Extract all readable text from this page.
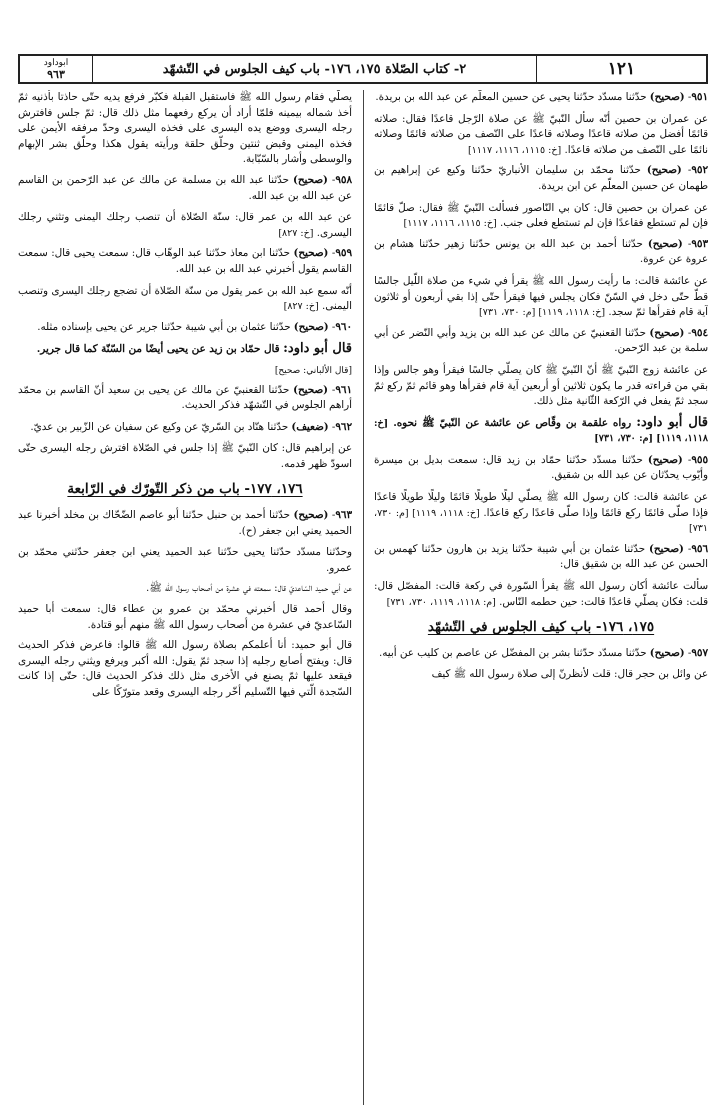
١٢١
٢- كتاب الصّلاة ١٧٥، ١٧٦- باب كيف الجلوس في التّشهّد
ابوداود
٩٦٣

٩٥١- (صحيح) حدّثنا مسدّد حدّثنا يحيى عن حسين المعلّم عن عبد الله بن بريدة.

عن عمران بن حصين أنّه سأل النّبيّ ﷺ عن صلاة الرّجل قاعدًا فقال: صلاته قائمًا أفضل من صلاته قاعدًا وصلاته قاعدًا على النّصف من صلاته قائمًا وصلاته نائمًا على النّصف من صلاته قاعدًا. [خ: ١١١٥، ١١١٦، ١١١٧]

٩٥٢- (صحيح) حدّثنا محمّد بن سليمان الأنباريّ حدّثنا وكيع عن إبراهيم بن طهمان عن حسين المعلّم عن ابن بريدة.

عن عمران بن حصين قال: كان بي النّاصور فسألت النّبيّ ﷺ فقال: صلّ قائمًا فإن لم تستطع فقاعدًا فإن لم تستطع فعلى جنب. [خ: ١١١٥، ١١١٦، ١١١٧]

٩٥٣- (صحيح) حدّثنا أحمد بن عبد الله بن يونس حدّثنا زهير حدّثنا هشام بن عروة عن عروة.

عن عائشة قالت: ما رأيت رسول الله ﷺ يقرأ في شيء من صلاة اللّيل جالسًا قطّ حتّى دخل في السّنّ فكان يجلس فيها فيقرأ حتّى إذا بقي أربعون أو ثلاثون آية قام فقرأها ثمّ سجد. [خ: ١١١٨، ١١١٩] [م: ٧٣٠، ٧٣١]

٩٥٤- (صحيح) حدّثنا القعنبيّ عن مالك عن عبد الله بن يزيد وأبي النّضر عن أبي سلمة بن عبد الرّحمن.

عن عائشة زوج النّبيّ ﷺ أنّ النّبيّ ﷺ كان يصلّي جالسًا فيقرأ وهو جالس وإذا بقي من قراءته قدر ما يكون ثلاثين أو أربعين آية قام فقرأها وهو قائم ثمّ ركع ثمّ سجد ثمّ يفعل في الرّكعة الثّانية مثل ذلك.

قال أبو داود: رواه علقمة بن وقّاص عن عائشة عن النّبيّ ﷺ نحوه. [خ: ١١١٨، ١١١٩] [م: ٧٣٠، ٧٣١]

٩٥٥- (صحيح) حدّثنا مسدّد حدّثنا حمّاد بن زيد قال: سمعت بديل بن ميسرة وأيّوب يحدّثان عن عبد الله بن شقيق.

عن عائشة قالت: كان رسول الله ﷺ يصلّي ليلًا طويلًا قائمًا وليلًا طويلًا قاعدًا فإذا صلّى قائمًا ركع قائمًا وإذا صلّى قاعدًا ركع قاعدًا. [خ: ١١١٨، ١١١٩] [م: ٧٣٠، ٧٣١]

٩٥٦- (صحيح) حدّثنا عثمان بن أبي شيبة حدّثنا يزيد بن هارون حدّثنا كهمس بن الحسن عن عبد الله بن شقيق قال:

سألت عائشة أكان رسول الله ﷺ يقرأ السّورة في ركعة قالت: المفصّل قال: قلت: فكان يصلّي قاعدًا قالت: حين حطمه النّاس. [م: ١١١٨، ١١١٩، ٧٣٠، ٧٣١]

١٧٥، ١٧٦- باب كيف الجلوس في التّشهّد

٩٥٧- (صحيح) حدّثنا مسدّد حدّثنا بشر بن المفضّل عن عاصم بن كليب عن أبيه.

عن وائل بن حجر قال: قلت لأنظرنّ إلى صلاة رسول الله ﷺ كيف

يصلّي فقام رسول الله ﷺ فاستقبل القبلة فكبّر فرفع يديه حتّى حاذتا بأذنيه ثمّ أخذ شماله بيمينه فلمّا أراد أن يركع رفعهما مثل ذلك قال: ثمّ جلس فافترش رجله اليسرى ووضع يده اليسرى على فخذه اليسرى وحدّ مرفقه الأيمن على فخذه اليمنى وقبض ثنتين وحلّق حلقة ورأيته يقول هكذا وحلّق بشر الإبهام والوسطى وأشار بالسّبّابة.

٩٥٨- (صحيح) حدّثنا عبد الله بن مسلمة عن مالك عن عبد الرّحمن بن القاسم عن عبد الله بن عبد الله.

عن عبد الله بن عمر قال: سنّة الصّلاة أن تنصب رجلك اليمنى وتثني رجلك اليسرى. [خ: ٨٢٧]

٩٥٩- (صحيح) حدّثنا ابن معاذ حدّثنا عبد الوهّاب قال: سمعت يحيى قال: سمعت القاسم يقول أخبرني عبد الله بن عبد الله.

أنّه سمع عبد الله بن عمر يقول من سنّة الصّلاة أن تضجع رجلك اليسرى وتنصب اليمنى. [خ: ٨٢٧]

٩٦٠- (صحيح) حدّثنا عثمان بن أبي شيبة حدّثنا جرير عن يحيى بإسناده مثله.

قال أبو داود: قال حمّاد بن زيد عن يحيى أيضًا من السّنّة كما قال جرير.

[قال الألباني: صحيح]

٩٦١- (صحيح) حدّثنا القعنبيّ عن مالك عن يحيى بن سعيد أنّ القاسم بن محمّد أراهم الجلوس في التّشهّد فذكر الحديث.

٩٦٢- (ضعيف) حدّثنا هنّاد بن السّريّ عن وكيع عن سفيان عن الزّبير بن عديّ.

عن إبراهيم قال: كان النّبيّ ﷺ إذا جلس في الصّلاة افترش رجله اليسرى حتّى اسودّ ظهر قدمه.

١٧٦، ١٧٧- باب من ذكر التّورّك في الرّابعة

٩٦٣- (صحيح) حدّثنا أحمد بن حنبل حدّثنا أبو عاصم الضّحّاك بن مخلد أخبرنا عبد الحميد يعني ابن جعفر (ح).

وحدّثنا مسدّد حدّثنا يحيى حدّثنا عبد الحميد يعني ابن جعفر حدّثني محمّد بن عمرو.

عن أبي حميد السّاعديّ قال: سمعته في عشرة من أصحاب رسول الله ﷺ.

وقال أحمد قال أخبرني محمّد بن عمرو بن عطاء قال: سمعت أبا حميد السّاعديّ في عشرة من أصحاب رسول الله ﷺ منهم أبو قتادة.

قال أبو حميد: أنا أعلمكم بصلاة رسول الله ﷺ قالوا: فاعرض فذكر الحديث قال: ويفتح أصابع رجليه إذا سجد ثمّ يقول: الله أكبر ويرفع ويثني رجله اليسرى فيقعد عليها ثمّ يصنع في الأخرى مثل ذلك فذكر الحديث قال: حتّى إذا كانت السّجدة الّتي فيها التّسليم أخّر رجله اليسرى وقعد متورّكًا على
